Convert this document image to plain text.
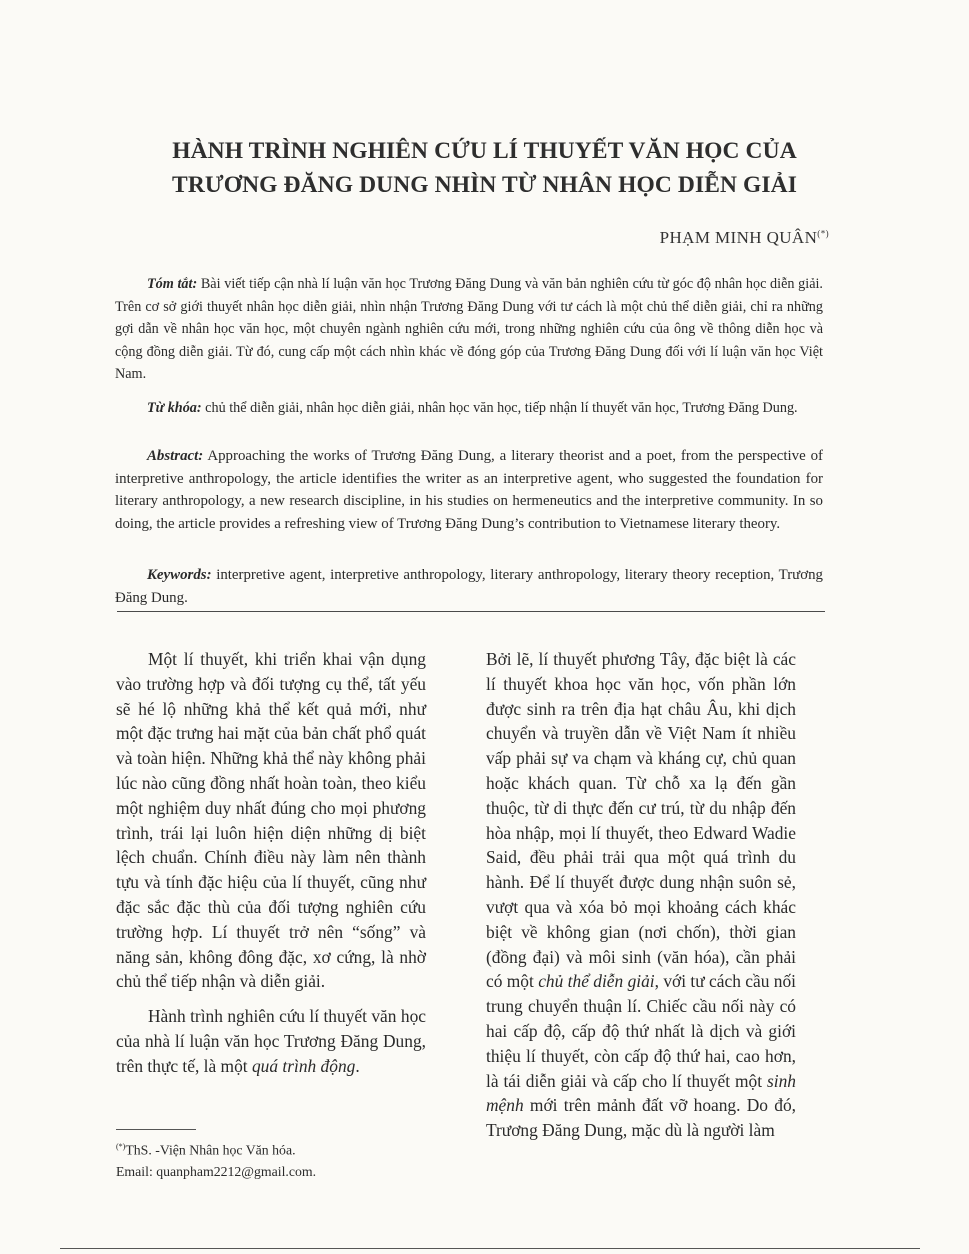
HÀNH TRÌNH NGHIÊN CỨU LÍ THUYẾT VĂN HỌC CỦA
TRƯƠNG ĐĂNG DUNG NHÌN TỪ NHÂN HỌC DIỄN GIẢI
PHẠM MINH QUÂN(*)

Tóm tắt: Bài viết tiếp cận nhà lí luận văn học Trương Đăng Dung và văn bản nghiên cứu từ góc độ nhân học diễn giải. Trên cơ sở giới thuyết nhân học diễn giải, nhìn nhận Trương Đăng Dung với tư cách là một chủ thể diễn giải, chỉ ra những gợi dẫn về nhân học văn học, một chuyên ngành nghiên cứu mới, trong những nghiên cứu của ông về thông diễn học và cộng đồng diễn giải. Từ đó, cung cấp một cách nhìn khác về đóng góp của Trương Đăng Dung đối với lí luận văn học Việt Nam.

Từ khóa: chủ thể diễn giải, nhân học diễn giải, nhân học văn học, tiếp nhận lí thuyết văn học, Trương Đăng Dung.

Abstract: Approaching the works of Trương Đăng Dung, a literary theorist and a poet, from the perspective of interpretive anthropology, the article identifies the writer as an interpretive agent, who suggested the foundation for literary anthropology, a new research discipline, in his studies on hermeneutics and the interpretive community. In so doing, the article provides a refreshing view of Trương Đăng Dung’s contribution to Vietnamese literary theory.

Keywords: interpretive agent, interpretive anthropology, literary anthropology, literary theory reception, Trương Đăng Dung.

Một lí thuyết, khi triển khai vận dụng vào trường hợp và đối tượng cụ thể, tất yếu sẽ hé lộ những khả thể kết quả mới, như một đặc trưng hai mặt của bản chất phổ quát và toàn hiện. Những khả thể này không phải lúc nào cũng đồng nhất hoàn toàn, theo kiểu một nghiệm duy nhất đúng cho mọi phương trình, trái lại luôn hiện diện những dị biệt lệch chuẩn. Chính điều này làm nên thành tựu và tính đặc hiệu của lí thuyết, cũng như đặc sắc đặc thù của đối tượng nghiên cứu trường hợp. Lí thuyết trở nên “sống” và năng sản, không đông đặc, xơ cứng, là nhờ chủ thể tiếp nhận và diễn giải.

Hành trình nghiên cứu lí thuyết văn học của nhà lí luận văn học Trương Đăng Dung, trên thực tế, là một quá trình động.

(*)ThS. -Viện Nhân học Văn hóa.
Email: quanpham2212@gmail.com.

Bởi lẽ, lí thuyết phương Tây, đặc biệt là các lí thuyết khoa học văn học, vốn phần lớn được sinh ra trên địa hạt châu Âu, khi dịch chuyển và truyền dẫn về Việt Nam ít nhiều vấp phải sự va chạm và kháng cự, chủ quan hoặc khách quan. Từ chỗ xa lạ đến gần thuộc, từ di thực đến cư trú, từ du nhập đến hòa nhập, mọi lí thuyết, theo Edward Wadie Said, đều phải trải qua một quá trình du hành. Để lí thuyết được dung nhận suôn sẻ, vượt qua và xóa bỏ mọi khoảng cách khác biệt về không gian (nơi chốn), thời gian (đồng đại) và môi sinh (văn hóa), cần phải có một chủ thể diễn giải, với tư cách cầu nối trung chuyển thuận lí. Chiếc cầu nối này có hai cấp độ, cấp độ thứ nhất là dịch và giới thiệu lí thuyết, còn cấp độ thứ hai, cao hơn, là tái diễn giải và cấp cho lí thuyết một sinh mệnh mới trên mảnh đất vỡ hoang. Do đó, Trương Đăng Dung, mặc dù là người làm
